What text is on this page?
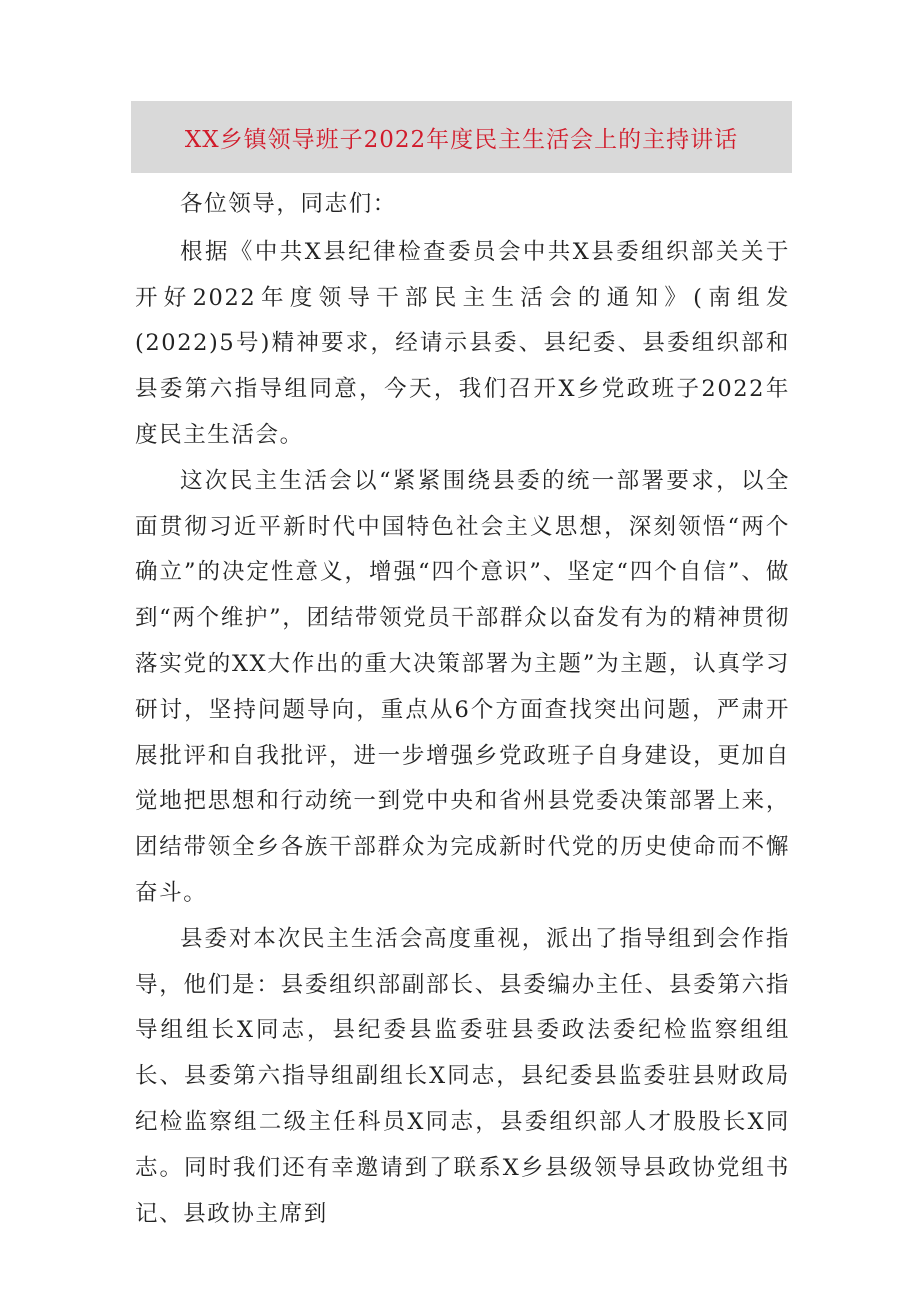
XX乡镇领导班子2022年度民主生活会上的主持讲话

各位领导，同志们：

根据《中共X县纪律检查委员会中共X县委组织部关关于开好2022年度领导干部民主生活会的通知》(南组发(2022)5号)精神要求，经请示县委、县纪委、县委组织部和县委第六指导组同意，今天，我们召开X乡党政班子2022年度民主生活会。

这次民主生活会以“紧紧围绕县委的统一部署要求，以全面贯彻习近平新时代中国特色社会主义思想，深刻领悟“两个确立”的决定性意义，增强“四个意识”、坚定“四个自信”、做到“两个维护”，团结带领党员干部群众以奋发有为的精神贯彻落实党的XX大作出的重大决策部署为主题”为主题，认真学习研讨，坚持问题导向，重点从6个方面查找突出问题，严肃开展批评和自我批评，进一步增强乡党政班子自身建设，更加自觉地把思想和行动统一到党中央和省州县党委决策部署上来，团结带领全乡各族干部群众为完成新时代党的历史使命而不懈奋斗。

县委对本次民主生活会高度重视，派出了指导组到会作指导，他们是：县委组织部副部长、县委编办主任、县委第六指导组组长X同志，县纪委县监委驻县委政法委纪检监察组组长、县委第六指导组副组长X同志，县纪委县监委驻县财政局纪检监察组二级主任科员X同志，县委组织部人才股股长X同志。同时我们还有幸邀请到了联系X乡县级领导县政协党组书记、县政协主席到
